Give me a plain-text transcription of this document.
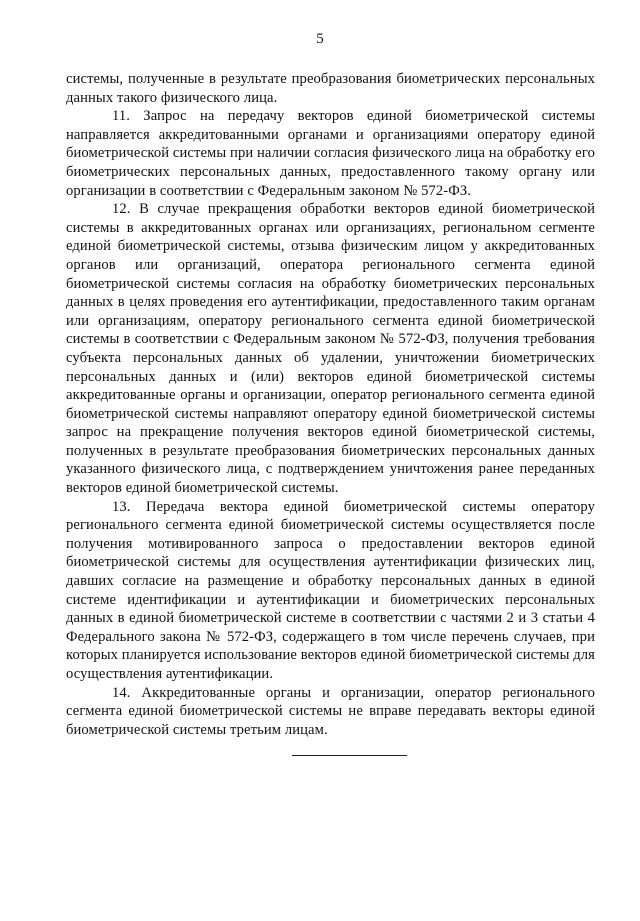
5

системы, полученные в результате преобразования биометрических персональных данных такого физического лица.

11. Запрос на передачу векторов единой биометрической системы направляется аккредитованными органами и организациями оператору единой биометрической системы при наличии согласия физического лица на обработку его биометрических персональных данных, предоставленного такому органу или организации в соответствии с Федеральным законом № 572-ФЗ.

12. В случае прекращения обработки векторов единой биометрической системы в аккредитованных органах или организациях, региональном сегменте единой биометрической системы, отзыва физическим лицом у аккредитованных органов или организаций, оператора регионального сегмента единой биометрической системы согласия на обработку биометрических персональных данных в целях проведения его аутентификации, предоставленного таким органам или организациям, оператору регионального сегмента единой биометрической системы в соответствии с Федеральным законом № 572-ФЗ, получения требования субъекта персональных данных об удалении, уничтожении биометрических персональных данных и (или) векторов единой биометрической системы аккредитованные органы и организации, оператор регионального сегмента единой биометрической системы направляют оператору единой биометрической системы запрос на прекращение получения векторов единой биометрической системы, полученных в результате преобразования биометрических персональных данных указанного физического лица, с подтверждением уничтожения ранее переданных векторов единой биометрической системы.

13. Передача вектора единой биометрической системы оператору регионального сегмента единой биометрической системы осуществляется после получения мотивированного запроса о предоставлении векторов единой биометрической системы для осуществления аутентификации физических лиц, давших согласие на размещение и обработку персональных данных в единой системе идентификации и аутентификации и биометрических персональных данных в единой биометрической системе в соответствии с частями 2 и 3 статьи 4 Федерального закона № 572-ФЗ, содержащего в том числе перечень случаев, при которых планируется использование векторов единой биометрической системы для осуществления аутентификации.

14. Аккредитованные органы и организации, оператор регионального сегмента единой биометрической системы не вправе передавать векторы единой биометрической системы третьим лицам.
